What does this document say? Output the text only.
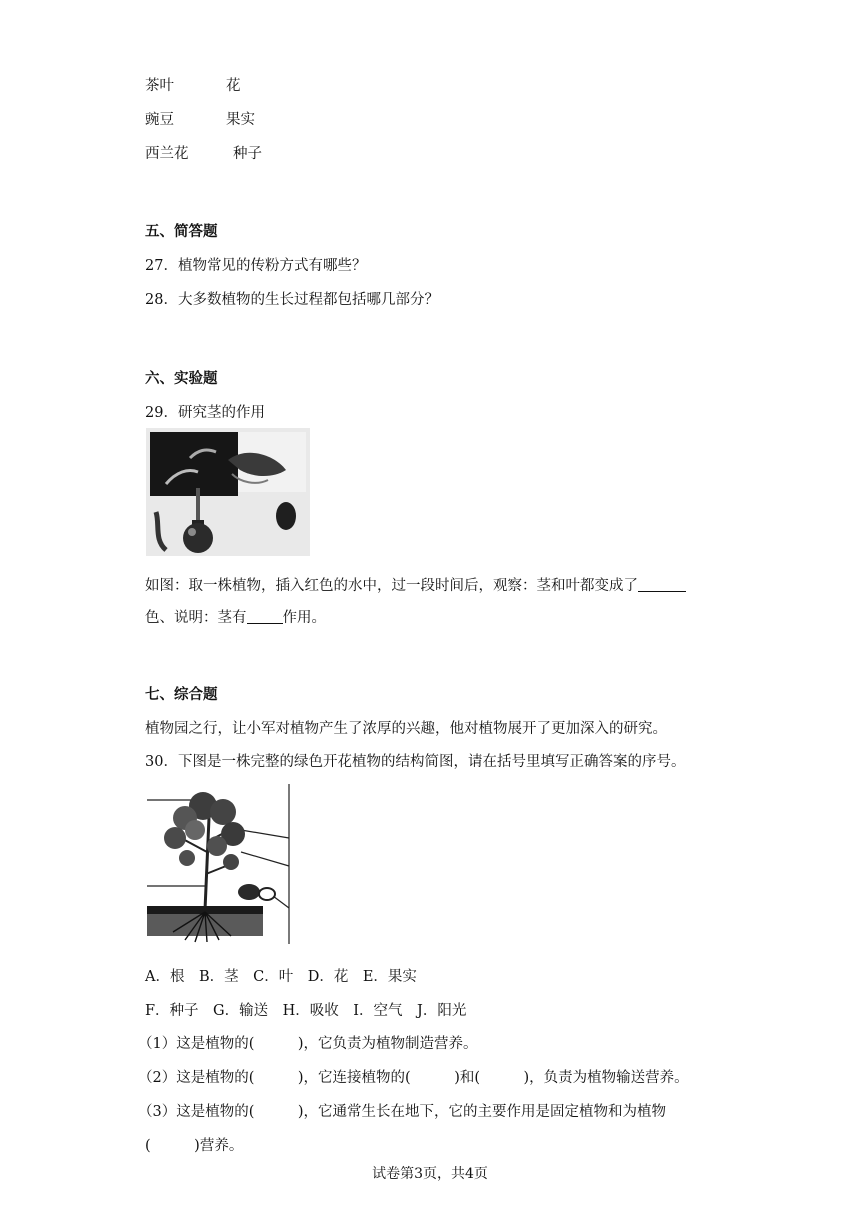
茶叶	花
豌豆	果实
西兰花	种子
五、简答题
27．植物常见的传粉方式有哪些？
28．大多数植物的生长过程都包括哪几部分？
六、实验题
29．研究茎的作用
如图：取一株植物，插入红色的水中，过一段时间后，观察：茎和叶都变成了
色、说明：茎有 作用。
七、综合题
植物园之行，让小军对植物产生了浓厚的兴趣，他对植物展开了更加深入的研究。
30．下图是一株完整的绿色开花植物的结构简图，请在括号里填写正确答案的序号。
A．根　B．茎　C．叶　D．花　E．果实
F．种子　G．输送　H．吸收　I．空气　J．阳光
（1）这是植物的(　　　)，它负责为植物制造营养。
（2）这是植物的(　　　)，它连接植物的(　　　)和(　　　)，负责为植物输送营养。
（3）这是植物的(　　　)，它通常生长在地下，它的主要作用是固定植物和为植物
(　　　)营养。
试卷第3页，共4页
